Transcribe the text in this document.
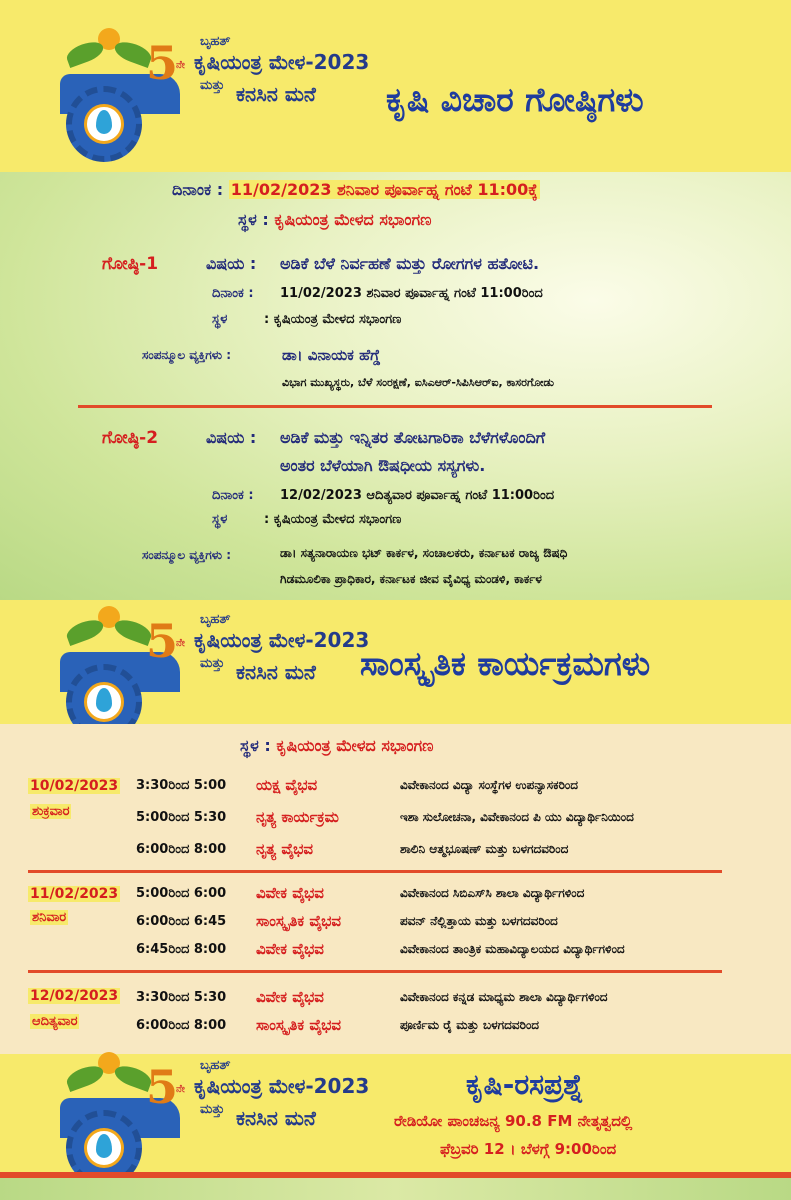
5
ನೇ
ಬೃಹತ್
ಕೃಷಿಯಂತ್ರ ಮೇಳ-2023
ಮತ್ತು ಕನಸಿನ ಮನೆ ಕೃಷಿ ವಿಚಾರ ಗೋಷ್ಠಿಗಳು
ದಿನಾಂಕ : 11/02/2023 ಶನಿವಾರ ಪೂರ್ವಾಹ್ನ ಗಂಟೆ 11:00ಕ್ಕೆ
ಸ್ಥಳ : ಕೃಷಿಯಂತ್ರ ಮೇಳದ ಸಭಾಂಗಣ
ಗೋಷ್ಠಿ-1	ವಿಷಯ : ಅಡಿಕೆ ಬೆಳೆ ನಿರ್ವಹಣೆ ಮತ್ತು ರೋಗಗಳ ಹತೋಟಿ.
ದಿನಾಂಕ : 11/02/2023 ಶನಿವಾರ ಪೂರ್ವಾಹ್ನ ಗಂಟೆ 11:00ರಿಂದ
ಸ್ಥಳ	: ಕೃಷಿಯಂತ್ರ ಮೇಳದ ಸಭಾಂಗಣ
ಸಂಪನ್ಮೂಲ ವ್ಯಕ್ತಿಗಳು :	ಡಾ। ವಿನಾಯಕ ಹೆಗ್ಡೆ
ವಿಭಾಗ ಮುಖ್ಯಸ್ಥರು, ಬೆಳೆ ಸಂರಕ್ಷಣೆ, ಐಸಿಎಆರ್-ಸಿಪಿಸಿಆರ್‌ಐ, ಕಾಸರಗೋಡು
ಗೋಷ್ಠಿ-2	ವಿಷಯ : ಅಡಿಕೆ ಮತ್ತು ಇನ್ನಿತರ ತೋಟಗಾರಿಕಾ ಬೆಳೆಗಳೊಂದಿಗೆ
ಅಂತರ ಬೆಳೆಯಾಗಿ ಔಷಧೀಯ ಸಸ್ಯಗಳು.
ದಿನಾಂಕ : 12/02/2023 ಆದಿತ್ಯವಾರ ಪೂರ್ವಾಹ್ನ ಗಂಟೆ 11:00ರಿಂದ
ಸ್ಥಳ	: ಕೃಷಿಯಂತ್ರ ಮೇಳದ ಸಭಾಂಗಣ
ಸಂಪನ್ಮೂಲ ವ್ಯಕ್ತಿಗಳು :	ಡಾ। ಸತ್ಯನಾರಾಯಣ ಭಟ್ ಕಾರ್ಕಳ, ಸಂಚಾಲಕರು, ಕರ್ನಾಟಕ ರಾಜ್ಯ ಔಷಧಿ
ಗಿಡಮೂಲಿಕಾ ಪ್ರಾಧಿಕಾರ, ಕರ್ನಾಟಕ ಜೀವ ವೈವಿಧ್ಯ ಮಂಡಳಿ, ಕಾರ್ಕಳ
5
ನೇ
ಬೃಹತ್
ಕೃಷಿಯಂತ್ರ ಮೇಳ-2023
ಮತ್ತು ಕನಸಿನ ಮನೆ ಸಾಂಸ್ಕೃತಿಕ ಕಾರ್ಯಕ್ರಮಗಳು
ಸ್ಥಳ : ಕೃಷಿಯಂತ್ರ ಮೇಳದ ಸಭಾಂಗಣ
10/02/2023
ಶುಕ್ರವಾರ
3:30ರಿಂದ 5:00 ಯಕ್ಷ ವೈಭವ	ವಿವೇಕಾನಂದ ವಿದ್ಯಾ ಸಂಸ್ಥೆಗಳ ಉಪನ್ಯಾಸಕರಿಂದ
5:00ರಿಂದ 5:30 ನೃತ್ಯ ಕಾರ್ಯಕ್ರಮ	ಇಶಾ ಸುಲೋಚನಾ, ವಿವೇಕಾನಂದ ಪಿ ಯು ವಿದ್ಯಾರ್ಥಿನಿಯಿಂದ
6:00ರಿಂದ 8:00 ನೃತ್ಯ ವೈಭವ	ಶಾಲಿನಿ ಆತ್ಮಭೂಷಣ್ ಮತ್ತು ಬಳಗದವರಿಂದ
11/02/2023
ಶನಿವಾರ
5:00ರಿಂದ 6:00 ವಿವೇಕ ವೈಭವ	ವಿವೇಕಾನಂದ ಸಿಬಿಎಸ್‌ಸಿ ಶಾಲಾ ವಿದ್ಯಾರ್ಥಿಗಳಿಂದ
6:00ರಿಂದ 6:45 ಸಾಂಸ್ಕೃತಿಕ ವೈಭವ	ಪವನ್ ನೆಲ್ಲಿತ್ತಾಯ ಮತ್ತು ಬಳಗದವರಿಂದ
6:45ರಿಂದ 8:00 ವಿವೇಕ ವೈಭವ	ವಿವೇಕಾನಂದ ತಾಂತ್ರಿಕ ಮಹಾವಿದ್ಯಾಲಯದ ವಿದ್ಯಾರ್ಥಿಗಳಿಂದ
12/02/2023
ಆದಿತ್ಯವಾರ
3:30ರಿಂದ 5:30 ವಿವೇಕ ವೈಭವ	ವಿವೇಕಾನಂದ ಕನ್ನಡ ಮಾಧ್ಯಮ ಶಾಲಾ ವಿದ್ಯಾರ್ಥಿಗಳಿಂದ
6:00ರಿಂದ 8:00 ಸಾಂಸ್ಕೃತಿಕ ವೈಭವ	ಪೂರ್ಣಿಮ ರೈ ಮತ್ತು ಬಳಗದವರಿಂದ
5
ನೇ
ಬೃಹತ್
ಕೃಷಿಯಂತ್ರ ಮೇಳ-2023
ಮತ್ತು ಕನಸಿನ ಮನೆ
ಕೃಷಿ-ರಸಪ್ರಶ್ನೆ
ರೇಡಿಯೋ ಪಾಂಚಜನ್ಯ 90.8 FM ನೇತೃತ್ವದಲ್ಲಿ
ಫೆಬ್ರವರಿ 12 । ಬೆಳಗ್ಗೆ 9:00ರಿಂದ
